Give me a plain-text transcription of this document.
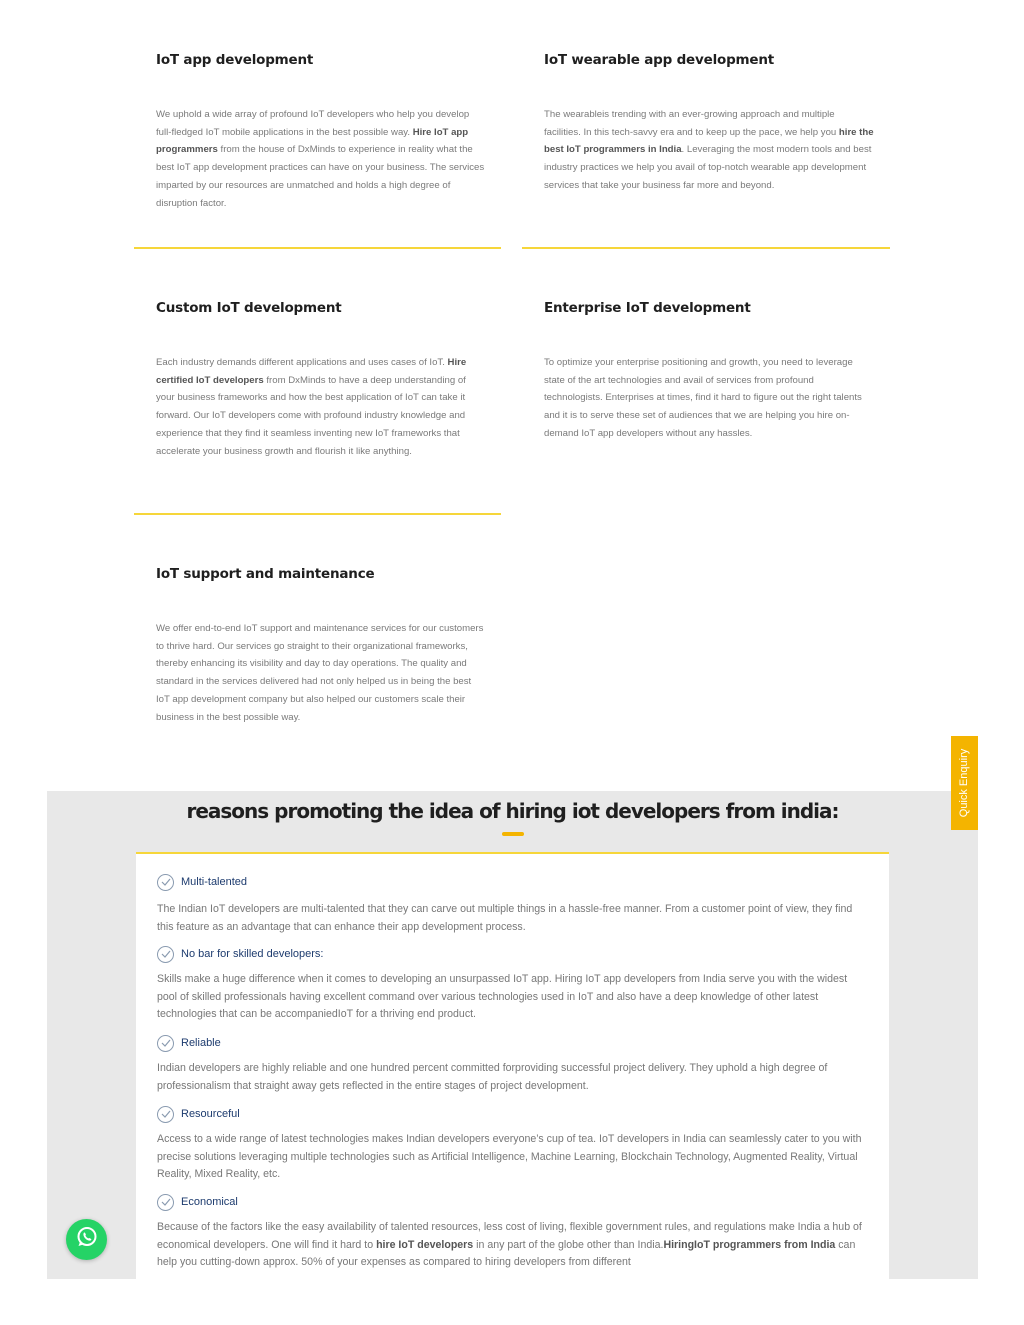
IoT app development
We uphold a wide array of profound IoT developers who help you develop full-fledged IoT mobile applications in the best possible way. Hire IoT app programmers from the house of DxMinds to experience in reality what the best IoT app development practices can have on your business. The services imparted by our resources are unmatched and holds a high degree of disruption factor.
IoT wearable app development
The wearableis trending with an ever-growing approach and multiple facilities. In this tech-savvy era and to keep up the pace, we help you hire the best IoT programmers in India. Leveraging the most modern tools and best industry practices we help you avail of top-notch wearable app development services that take your business far more and beyond.
Custom IoT development
Each industry demands different applications and uses cases of IoT. Hire certified IoT developers from DxMinds to have a deep understanding of your business frameworks and how the best application of IoT can take it forward. Our IoT developers come with profound industry knowledge and experience that they find it seamless inventing new IoT frameworks that accelerate your business growth and flourish it like anything.
Enterprise IoT development
To optimize your enterprise positioning and growth, you need to leverage state of the art technologies and avail of services from profound technologists. Enterprises at times, find it hard to figure out the right talents and it is to serve these set of audiences that we are helping you hire on-demand IoT app developers without any hassles.
IoT support and maintenance
We offer end-to-end IoT support and maintenance services for our customers to thrive hard. Our services go straight to their organizational frameworks, thereby enhancing its visibility and day to day operations. The quality and standard in the services delivered had not only helped us in being the best IoT app development company but also helped our customers scale their business in the best possible way.
reasons promoting the idea of hiring iot developers from india:
Multi-talented
The Indian IoT developers are multi-talented that they can carve out multiple things in a hassle-free manner. From a customer point of view, they find this feature as an advantage that can enhance their app development process.
No bar for skilled developers:
Skills make a huge difference when it comes to developing an unsurpassed IoT app. Hiring IoT app developers from India serve you with the widest pool of skilled professionals having excellent command over various technologies used in IoT and also have a deep knowledge of other latest technologies that can be accompaniedIoT for a thriving end product.
Reliable
Indian developers are highly reliable and one hundred percent committed forproviding successful project delivery. They uphold a high degree of professionalism that straight away gets reflected in the entire stages of project development.
Resourceful
Access to a wide range of latest technologies makes Indian developers everyone’s cup of tea. IoT developers in India can seamlessly cater to you with precise solutions leveraging multiple technologies such as Artificial Intelligence, Machine Learning, Blockchain Technology, Augmented Reality, Virtual Reality, Mixed Reality, etc.
Economical
Because of the factors like the easy availability of talented resources, less cost of living, flexible government rules, and regulations make India a hub of economical developers. One will find it hard to hire IoT developers in any part of the globe other than India.HiringIoT programmers from India can help you cutting-down approx. 50% of your expenses as compared to hiring developers from different
Quick Enquiry
